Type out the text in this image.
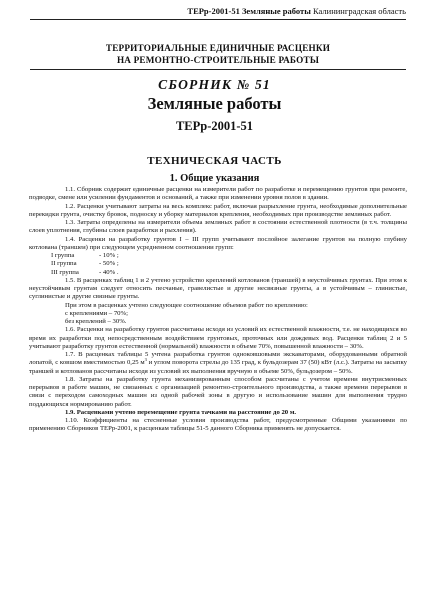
ТЕРр-2001-51 Земляные работы Калининградская область
ТЕРРИТОРИАЛЬНЫЕ ЕДИНИЧНЫЕ РАСЦЕНКИ
НА РЕМОНТНО-СТРОИТЕЛЬНЫЕ РАБОТЫ
СБОРНИК № 51
Земляные работы
ТЕРр-2001-51
ТЕХНИЧЕСКАЯ ЧАСТЬ
1. Общие указания

1.1. Сборник содержит единичные расценки на измерители работ по разработке и перемещению грунтов при ремонте, подводке, смене или усилении фундаментов и оснований, а также при изменении уровня полов в здании.

1.2. Расценки учитывают затраты на весь комплекс работ, включая разрыхление грунта, необходимые дополнительные перекидки грунта, очистку бровок, подноску и уборку материалов крепления, необходимых при производстве земляных работ.

1.3. Затраты определены на измерители объема земляных работ в состоянии естественной плотности (в т.ч. толщины слоев уплотнения, глубины слоев разработки и рыхления).

1.4. Расценки на разработку грунтов I – III групп учитывают послойное залегание грунтов на полную глубину котлована (траншеи) при следующем усредненном соотношении групп:

I группа	- 10% ;
II группа	- 50% ;
III группа	- 40% .

1.5. В расценках таблиц 1 и 2 учтено устройство креплений котлованов (траншей) в неустойчивых грунтах. При этом к неустойчивым грунтам следует относить песчаные, гравелистые и другие несвязные грунты, а в устойчивым – глинистые, суглинистые и другие связные грунты.

При этом в расценках учтено следующее соотношение объемов работ по креплению:

с креплениями – 70%;

без креплений – 30%.

1.6. Расценки на разработку грунтов рассчитаны исходя из условий их естественной влажности, т.е. не находящихся во время их разработки под непосредственным воздействием грунтовых, проточных или дождевых вод. Расценки таблиц 2 и 5 учитывают разработку грунтов естественной (нормальной) влажности в объеме 70%, повышенной влажности – 30%.

1.7. В расценках таблицы 5 учтена разработка грунтов одноковшовыми экскаваторами, оборудованными обратной лопатой, с ковшом вместимостью 0,25 $м^3$ и углом поворота стрелы до 135 град, к бульдозерам 37 (50) кВт (л.с.). Затраты на засыпку траншей и котлованов рассчитаны исходя из условий их выполнения вручную в объеме 50%, бульдозером – 50%.

1.8. Затраты на разработку грунта механизированным способом рассчитаны с учетом времени внутрисменных перерывов в работе машин, не связанных с организацией ремонтно-строительного производства, а также времени перерывов в связи с переходом самоходных машин из одной рабочей зоны в другую и использование машин для выполнения трудно поддающихся нормированию работ.

1.9. Расценками учтено перемещение грунта тачками на расстояние до 20 м.

1.10. Коэффициенты на стесненные условия производства работ, предусмотренные Общими указаниями по применению Сборников ТЕРр-2001, к расценкам таблицы 51-5 данного Сборника применять не допускается.
